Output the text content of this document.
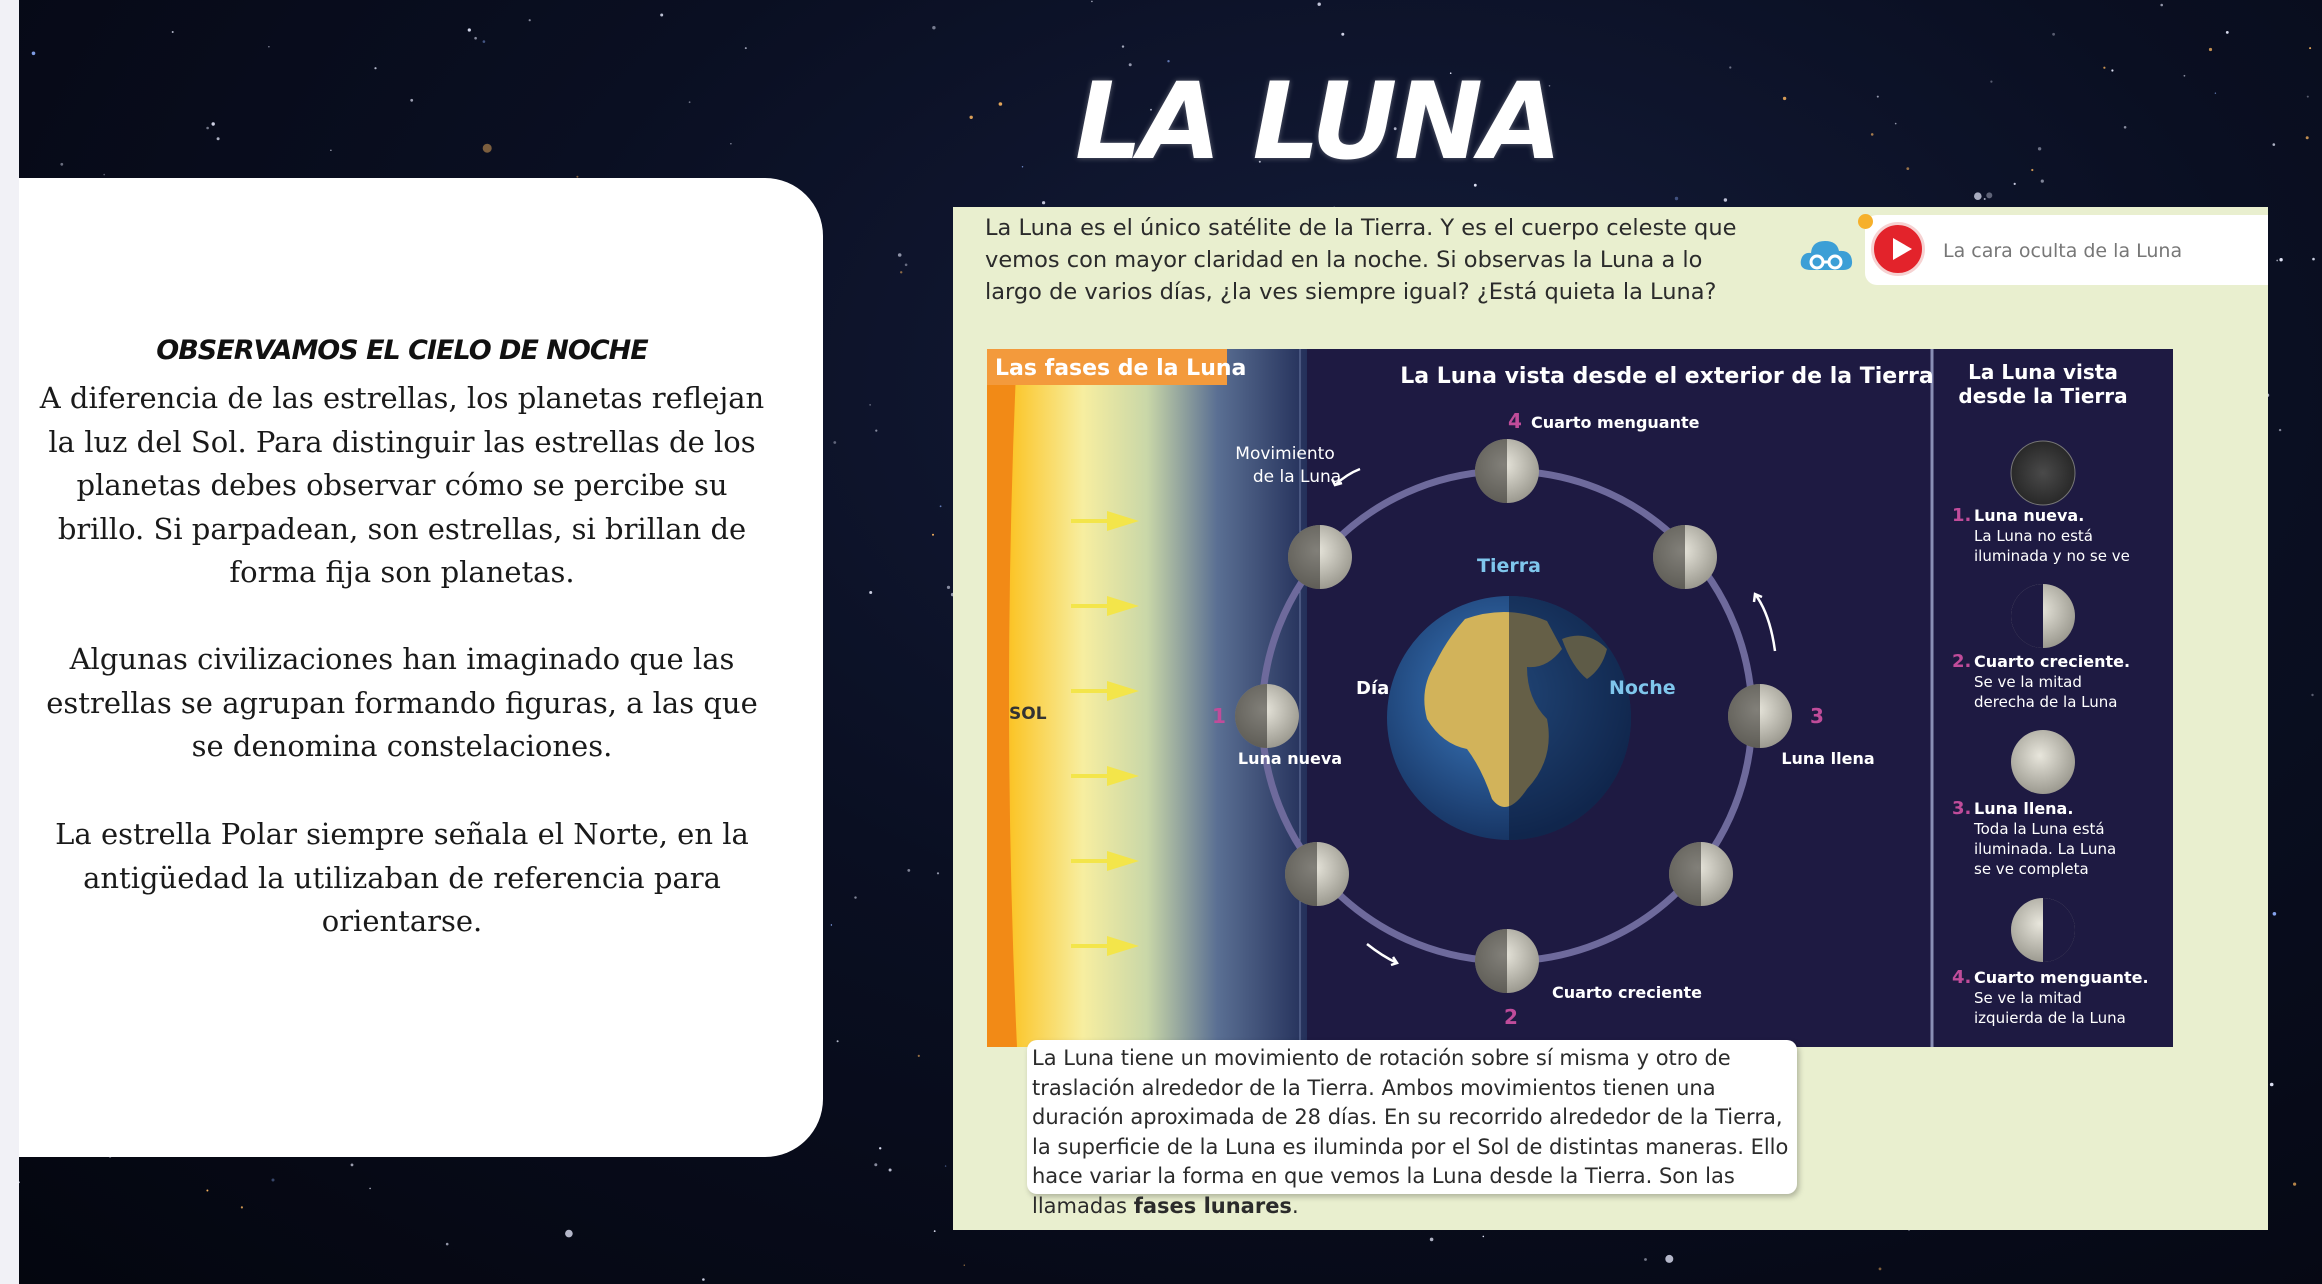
LA LUNA
OBSERVAMOS EL CIELO DE NOCHE
A diferencia de las estrellas, los planetas reflejan la luz del Sol. Para distinguir las estrellas de los planetas debes observar cómo se percibe su brillo. Si parpadean, son estrellas, si brillan de forma fija son planetas.
Algunas civilizaciones han imaginado que las estrellas se agrupan formando figuras, a las que se denomina constelaciones.
La estrella Polar siempre señala el Norte, en la antigüedad la utilizaban de referencia para orientarse.
La Luna es el único satélite de la Tierra. Y es el cuerpo celeste que vemos con mayor claridad en la noche. Si observas la Luna a lo largo de varios días, ¿la ves siempre igual? ¿Está quieta la Luna?
La cara oculta de la Luna
Las fases de la Luna	La Luna vista desde el exterior de la Tierra La Luna vista
desde la Tierra
SOL
Tierra
Día	Noche
Movimiento
de la Luna
4 Cuarto menguante
1
Luna nueva
3
Luna llena
2
Cuarto creciente
1. Luna nueva.
La Luna no está
iluminada y no se ve
2. Cuarto creciente.
Se ve la mitad
derecha de la Luna
3. Luna llena.
Toda la Luna está
iluminada. La Luna
se ve completa
4. Cuarto menguante.
Se ve la mitad
izquierda de la Luna
La Luna tiene un movimiento de rotación sobre sí misma y otro de traslación alrededor de la Tierra. Ambos movimientos tienen una duración aproximada de 28 días. En su recorrido alrededor de la Tierra, la superficie de la Luna es iluminda por el Sol de distintas maneras. Ello hace variar la forma en que vemos la Luna desde la Tierra. Son las llamadas fases lunares.
